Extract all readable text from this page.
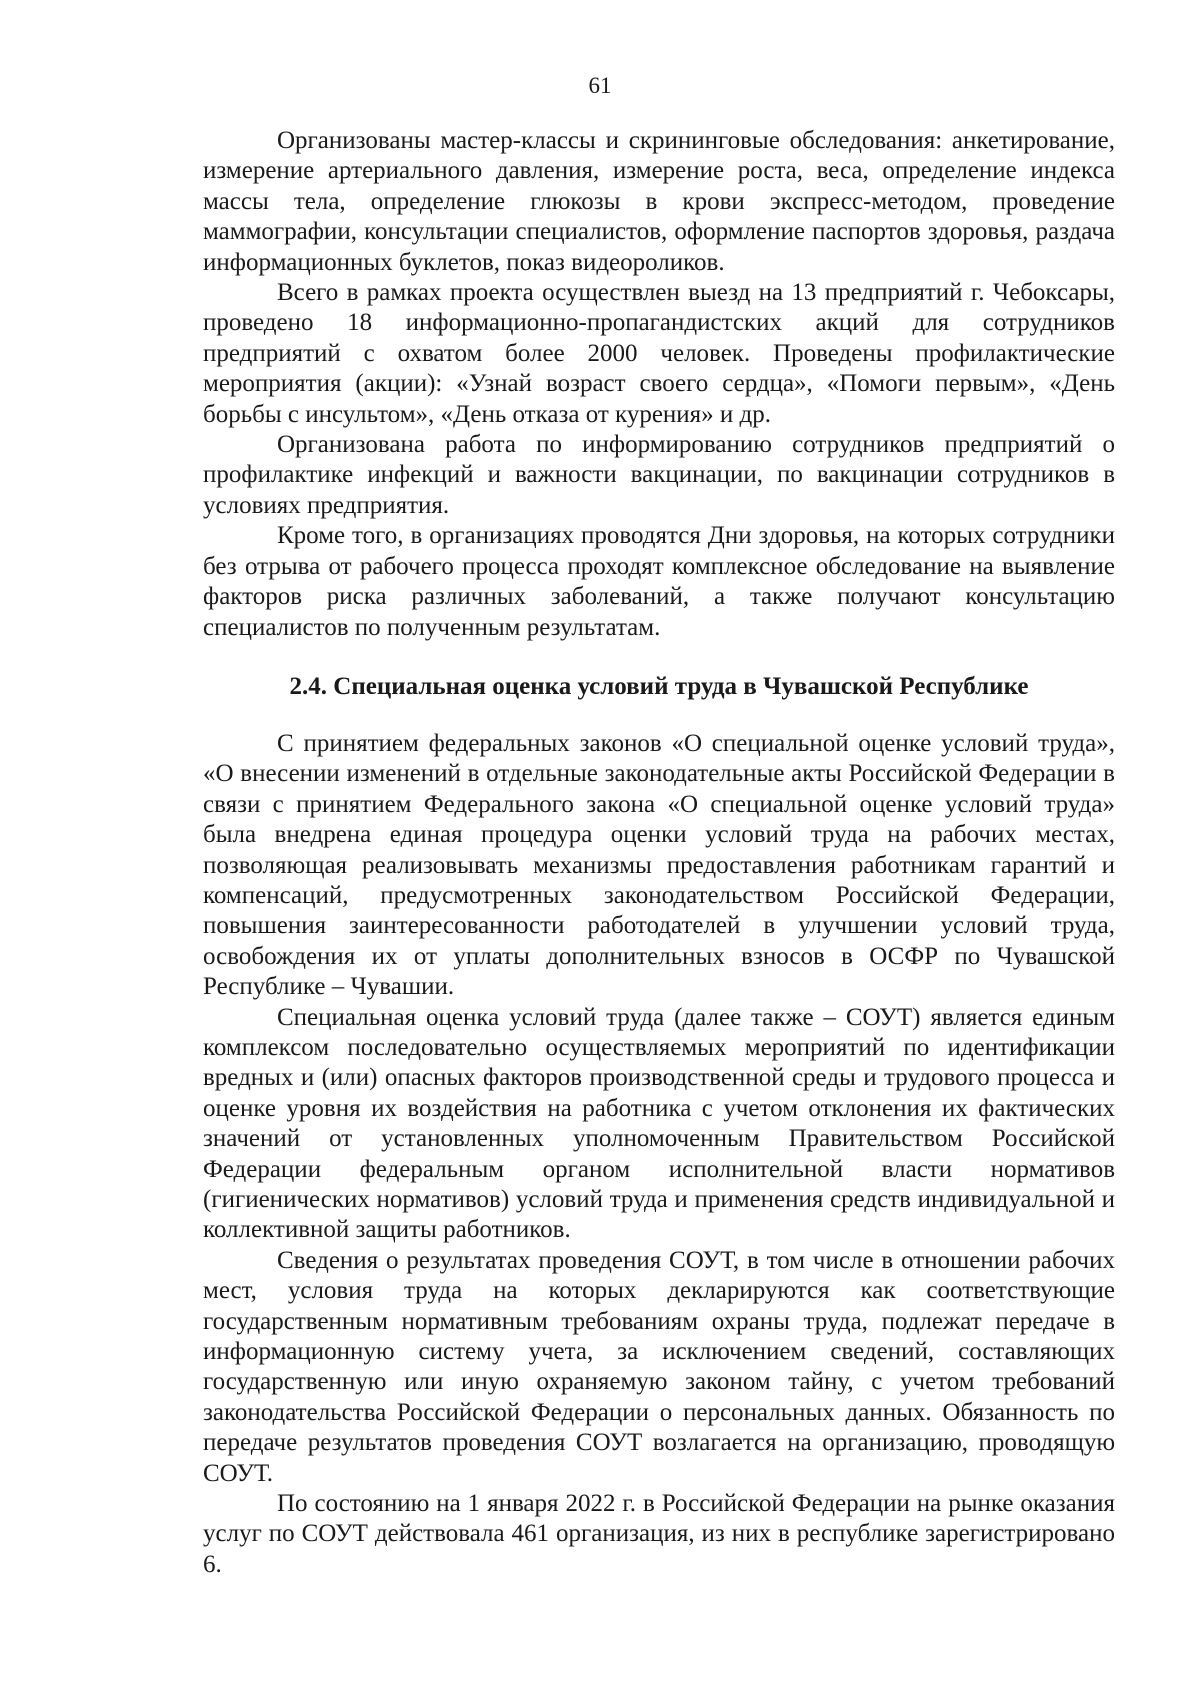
61

Организованы мастер-классы и скрининговые обследования: анкетирование, измерение артериального давления, измерение роста, веса, определение индекса массы тела, определение глюкозы в крови экспресс-методом, проведение маммографии, консультации специалистов, оформление паспортов здоровья, раздача информационных буклетов, показ видеороликов.

Всего в рамках проекта осуществлен выезд на 13 предприятий г. Чебоксары, проведено 18 информационно-пропагандистских акций для сотрудников предприятий с охватом более 2000 человек. Проведены профилактические мероприятия (акции): «Узнай возраст своего сердца», «Помоги первым», «День борьбы с инсультом», «День отказа от курения» и др.

Организована работа по информированию сотрудников предприятий о профилактике инфекций и важности вакцинации, по вакцинации сотрудников в условиях предприятия.

Кроме того, в организациях проводятся Дни здоровья, на которых сотрудники без отрыва от рабочего процесса проходят комплексное обследование на выявление факторов риска различных заболеваний, а также получают консультацию специалистов по полученным результатам.

2.4. Специальная оценка условий труда в Чувашской Республике

С принятием федеральных законов «О специальной оценке условий труда», «О внесении изменений в отдельные законодательные акты Российской Федерации в связи с принятием Федерального закона «О специальной оценке условий труда» была внедрена единая процедура оценки условий труда на рабочих местах, позволяющая реализовывать механизмы предоставления работникам гарантий и компенсаций, предусмотренных законодательством Российской Федерации, повышения заинтересованности работодателей в улучшении условий труда, освобождения их от уплаты дополнительных взносов в ОСФР по Чувашской Республике – Чувашии.

Специальная оценка условий труда (далее также – СОУТ) является единым комплексом последовательно осуществляемых мероприятий по идентификации вредных и (или) опасных факторов производственной среды и трудового процесса и оценке уровня их воздействия на работника с учетом отклонения их фактических значений от установленных уполномоченным Правительством Российской Федерации федеральным органом исполнительной власти нормативов (гигиенических нормативов) условий труда и применения средств индивидуальной и коллективной защиты работников.

Сведения о результатах проведения СОУТ, в том числе в отношении рабочих мест, условия труда на которых декларируются как соответствующие государственным нормативным требованиям охраны труда, подлежат передаче в информационную систему учета, за исключением сведений, составляющих государственную или иную охраняемую законом тайну, с учетом требований законодательства Российской Федерации о персональных данных. Обязанность по передаче результатов проведения СОУТ возлагается на организацию, проводящую СОУТ.

По состоянию на 1 января 2022 г. в Российской Федерации на рынке оказания услуг по СОУТ действовала 461 организация, из них в республике зарегистрировано 6.
